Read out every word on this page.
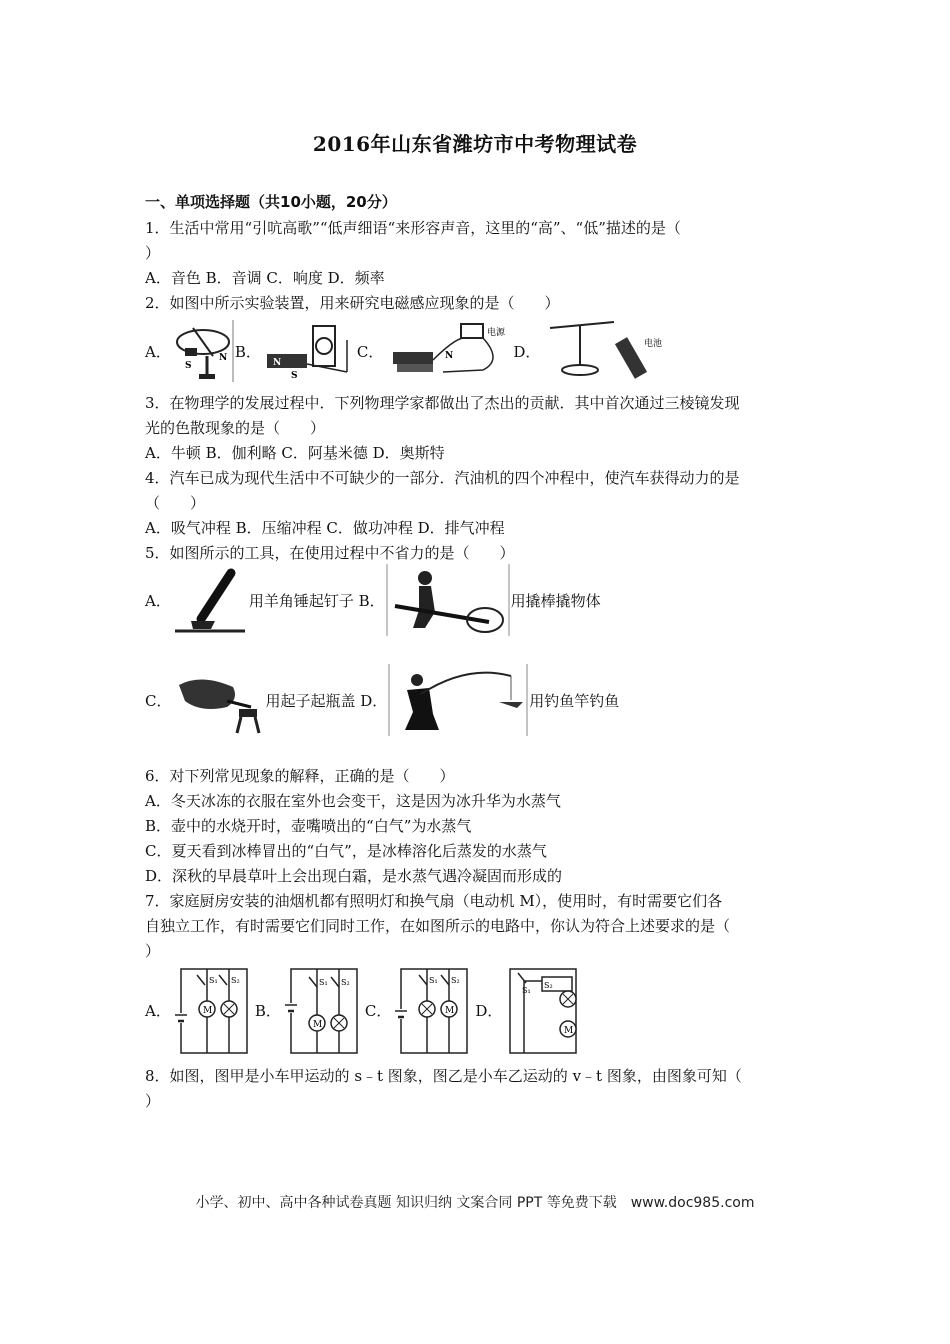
2016年山东省潍坊市中考物理试卷
一、单项选择题（共10小题，20分）
1．生活中常用“引吭高歌”“低声细语“来形容声音，这里的“高”、“低”描述的是（
）
A．音色 B．音调 C．响度 D．频率
2．如图中所示实验装置，用来研究电磁感应现象的是（　　）
A．
S
N B．
N
S
C．
电源
N	D．	电池
3．在物理学的发展过程中．下列物理学家都做出了杰出的贡献．其中首次通过三棱镜发现
光的色散现象的是（　　）
A．牛顿 B．伽利略 C．阿基米德 D．奥斯特
4．汽车已成为现代生活中不可缺少的一部分．汽油机的四个冲程中，使汽车获得动力的是
（　　）
A．吸气冲程 B．压缩冲程 C．做功冲程 D．排气冲程
5．如图所示的工具，在使用过程中不省力的是（　　）
A．	用羊角锤起钉子 B．	用撬棒撬物体
C．	用起子起瓶盖 D．	用钓鱼竿钓鱼
6．对下列常见现象的解释，正确的是（　　）
A．冬天冰冻的衣服在室外也会变干，这是因为冰升华为水蒸气
B．壶中的水烧开时，壶嘴喷出的“白气”为水蒸气
C．夏天看到冰棒冒出的“白气”，是冰棒溶化后蒸发的水蒸气
D．深秋的早晨草叶上会出现白霜，是水蒸气遇冷凝固而形成的
7．家庭厨房安装的油烟机都有照明灯和换气扇（电动机 M），使用时，有时需要它们各
自独立工作，有时需要它们同时工作，在如图所示的电路中，你认为符合上述要求的是（
）
A．
S₁ S₂
M	B．
S₁ S₂
M
C．
S₁ S₂
M D．
S₁
S₂
M
8．如图，图甲是小车甲运动的 s﹣t 图象，图乙是小车乙运动的 v﹣t 图象，由图象可知（
）
小学、初中、高中各种试卷真题 知识归纳 文案合同 PPT 等免费下载　www.doc985.com
